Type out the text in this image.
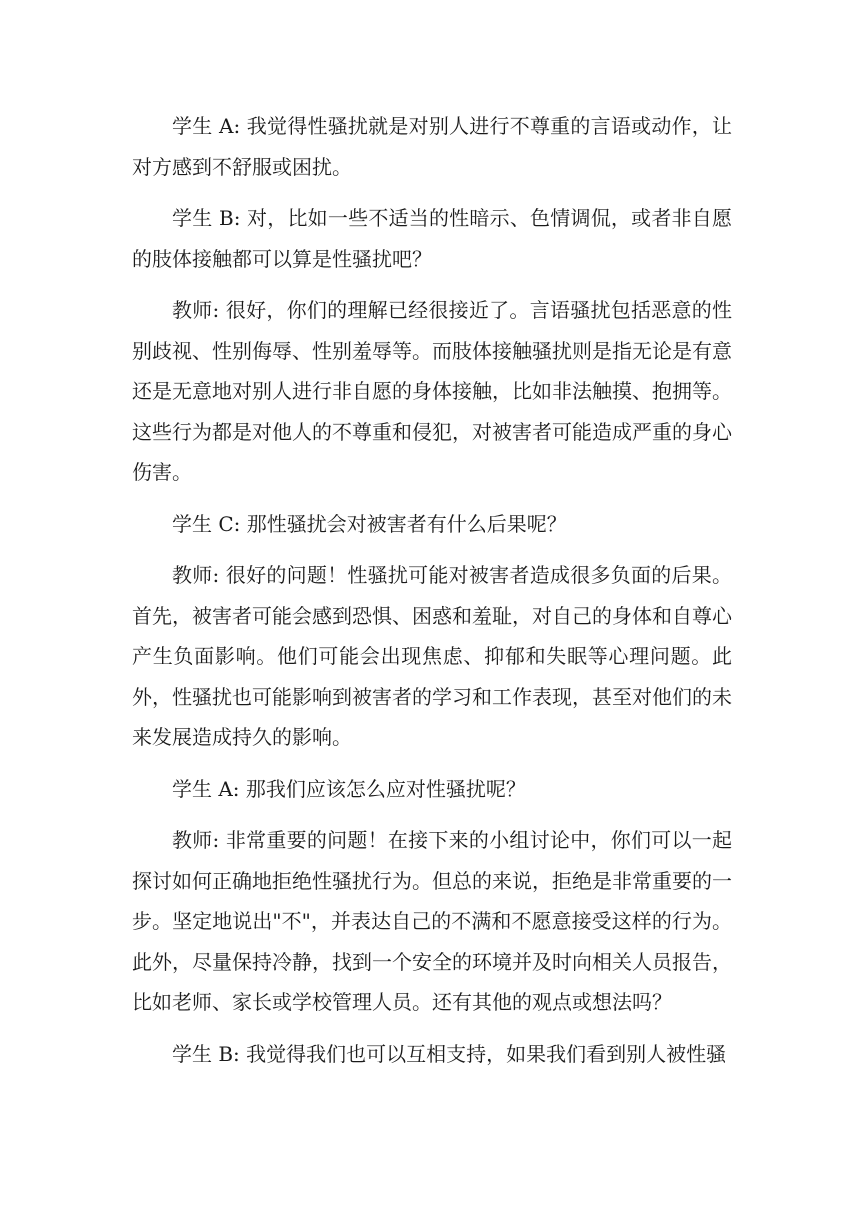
学生 A: 我觉得性骚扰就是对别人进行不尊重的言语或动作，让对方感到不舒服或困扰。

学生 B: 对，比如一些不适当的性暗示、色情调侃，或者非自愿的肢体接触都可以算是性骚扰吧？

教师: 很好，你们的理解已经很接近了。言语骚扰包括恶意的性别歧视、性别侮辱、性别羞辱等。而肢体接触骚扰则是指无论是有意还是无意地对别人进行非自愿的身体接触，比如非法触摸、抱拥等。这些行为都是对他人的不尊重和侵犯，对被害者可能造成严重的身心伤害。

学生 C: 那性骚扰会对被害者有什么后果呢？

教师: 很好的问题！性骚扰可能对被害者造成很多负面的后果。首先，被害者可能会感到恐惧、困惑和羞耻，对自己的身体和自尊心产生负面影响。他们可能会出现焦虑、抑郁和失眠等心理问题。此外，性骚扰也可能影响到被害者的学习和工作表现，甚至对他们的未来发展造成持久的影响。

学生 A: 那我们应该怎么应对性骚扰呢？

教师: 非常重要的问题！在接下来的小组讨论中，你们可以一起探讨如何正确地拒绝性骚扰行为。但总的来说，拒绝是非常重要的一步。坚定地说出"不"，并表达自己的不满和不愿意接受这样的行为。此外，尽量保持冷静，找到一个安全的环境并及时向相关人员报告，比如老师、家长或学校管理人员。还有其他的观点或想法吗？

学生 B: 我觉得我们也可以互相支持，如果我们看到别人被性骚
